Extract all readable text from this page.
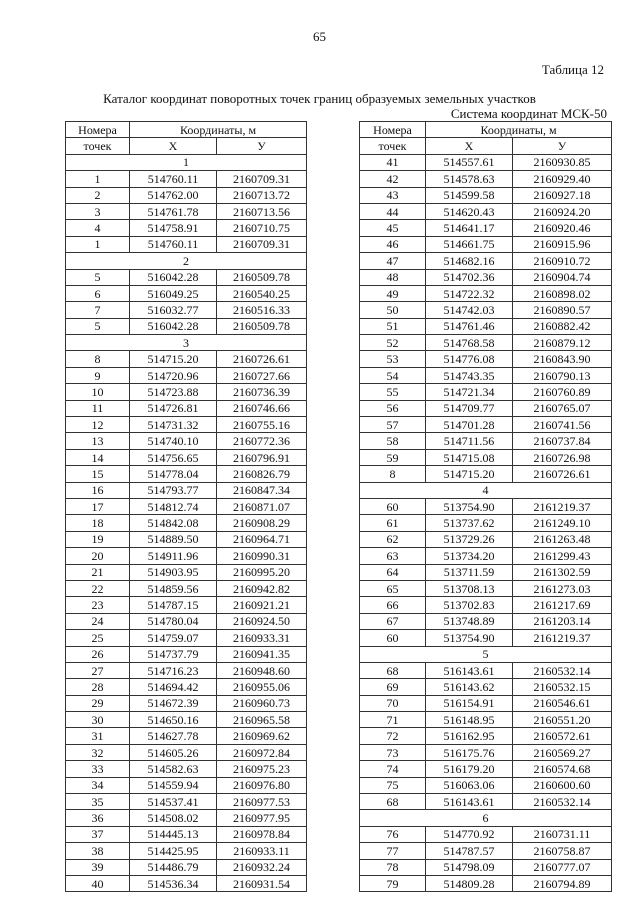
65
Таблица 12
Каталог координат поворотных точек границ образуемых земельных участков
Система координат МСК-50
Номера	Координаты, м	
точек	X	У
1		
1	514760.11	2160709.31
2	514762.00	2160713.72
3	514761.78	2160713.56
4	514758.91	2160710.75
1	514760.11	2160709.31
2		
5	516042.28	2160509.78
6	516049.25	2160540.25
7	516032.77	2160516.33
5	516042.28	2160509.78
3		
8	514715.20	2160726.61
9	514720.96	2160727.66
10	514723.88	2160736.39
11	514726.81	2160746.66
12	514731.32	2160755.16
13	514740.10	2160772.36
14	514756.65	2160796.91
15	514778.04	2160826.79
16	514793.77	2160847.34
17	514812.74	2160871.07
18	514842.08	2160908.29
19	514889.50	2160964.71
20	514911.96	2160990.31
21	514903.95	2160995.20
22	514859.56	2160942.82
23	514787.15	2160921.21
24	514780.04	2160924.50
25	514759.07	2160933.31
26	514737.79	2160941.35
27	514716.23	2160948.60
28	514694.42	2160955.06
29	514672.39	2160960.73
30	514650.16	2160965.58
31	514627.78	2160969.62
32	514605.26	2160972.84
33	514582.63	2160975.23
34	514559.94	2160976.80
35	514537.41	2160977.53
36	514508.02	2160977.95
37	514445.13	2160978.84
38	514425.95	2160933.11
39	514486.79	2160932.24
40	514536.34	2160931.54
Номера	Координаты, м	
точек	X	У
41	514557.61	2160930.85
42	514578.63	2160929.40
43	514599.58	2160927.18
44	514620.43	2160924.20
45	514641.17	2160920.46
46	514661.75	2160915.96
47	514682.16	2160910.72
48	514702.36	2160904.74
49	514722.32	2160898.02
50	514742.03	2160890.57
51	514761.46	2160882.42
52	514768.58	2160879.12
53	514776.08	2160843.90
54	514743.35	2160790.13
55	514721.34	2160760.89
56	514709.77	2160765.07
57	514701.28	2160741.56
58	514711.56	2160737.84
59	514715.08	2160726.98
8	514715.20	2160726.61
4		
60	513754.90	2161219.37
61	513737.62	2161249.10
62	513729.26	2161263.48
63	513734.20	2161299.43
64	513711.59	2161302.59
65	513708.13	2161273.03
66	513702.83	2161217.69
67	513748.89	2161203.14
60	513754.90	2161219.37
5		
68	516143.61	2160532.14
69	516143.62	2160532.15
70	516154.91	2160546.61
71	516148.95	2160551.20
72	516162.95	2160572.61
73	516175.76	2160569.27
74	516179.20	2160574.68
75	516063.06	2160600.60
68	516143.61	2160532.14
6		
76	514770.92	2160731.11
77	514787.57	2160758.87
78	514798.09	2160777.07
79	514809.28	2160794.89
